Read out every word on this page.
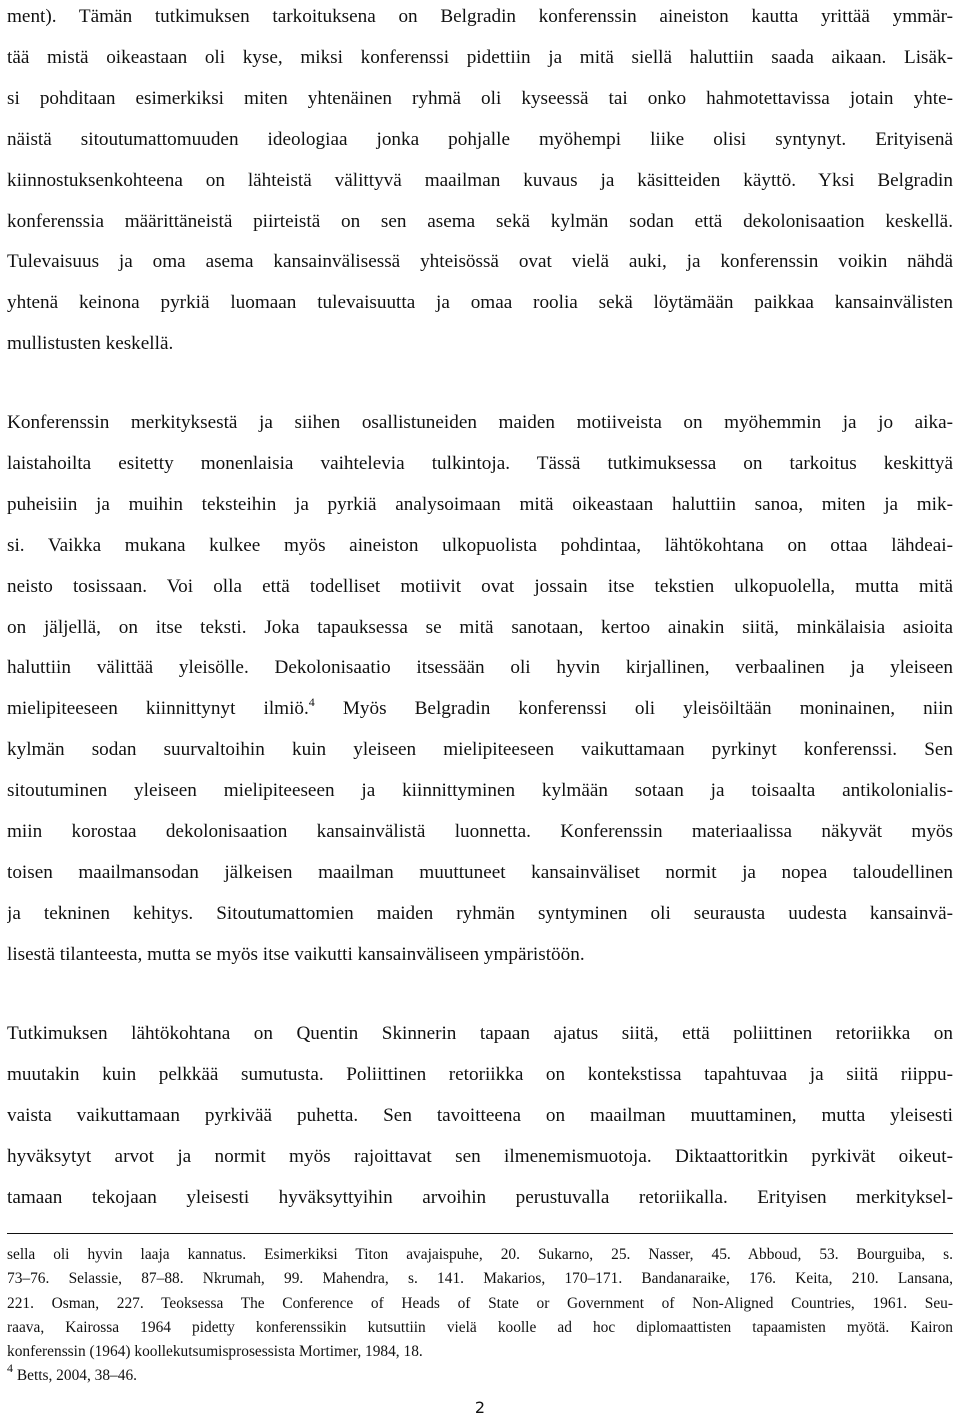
ment). Tämän tutkimuksen tarkoituksena on Belgradin konferenssin aineiston kautta yrittää ymmär-
tää mistä oikeastaan oli kyse, miksi konferenssi pidettiin ja mitä siellä haluttiin saada aikaan. Lisäk-
si pohditaan esimerkiksi miten yhtenäinen ryhmä oli kyseessä tai onko hahmotettavissa jotain yhte-
näistä sitoutumattomuuden ideologiaa jonka pohjalle myöhempi liike olisi syntynyt. Erityisenä
kiinnostuksenkohteena on lähteistä välittyvä maailman kuvaus ja käsitteiden käyttö. Yksi Belgradin
konferenssia määrittäneistä piirteistä on sen asema sekä kylmän sodan että dekolonisaation keskellä.
Tulevaisuus ja oma asema kansainvälisessä yhteisössä ovat vielä auki, ja konferenssin voikin nähdä
yhtenä keinona pyrkiä luomaan tulevaisuutta ja omaa roolia sekä löytämään paikkaa kansainvälisten
mullistusten keskellä.

Konferenssin merkityksestä ja siihen osallistuneiden maiden motiiveista on myöhemmin ja jo aika-
laistahoilta esitetty monenlaisia vaihtelevia tulkintoja. Tässä tutkimuksessa on tarkoitus keskittyä
puheisiin ja muihin teksteihin ja pyrkiä analysoimaan mitä oikeastaan haluttiin sanoa, miten ja mik-
si. Vaikka mukana kulkee myös aineiston ulkopuolista pohdintaa, lähtökohtana on ottaa lähdeai-
neisto tosissaan. Voi olla että todelliset motiivit ovat jossain itse tekstien ulkopuolella, mutta mitä
on jäljellä, on itse teksti. Joka tapauksessa se mitä sanotaan, kertoo ainakin siitä, minkälaisia asioita
haluttiin välittää yleisölle. Dekolonisaatio itsessään oli hyvin kirjallinen, verbaalinen ja yleiseen
mielipiteeseen kiinnittynyt ilmiö.$^4$ Myös Belgradin konferenssi oli yleisöiltään moninainen, niin
kylmän sodan suurvaltoihin kuin yleiseen mielipiteeseen vaikuttamaan pyrkinyt konferenssi. Sen
sitoutuminen yleiseen mielipiteeseen ja kiinnittyminen kylmään sotaan ja toisaalta antikolonialis-
miin korostaa dekolonisaation kansainvälistä luonnetta. Konferenssin materiaalissa näkyvät myös
toisen maailmansodan jälkeisen maailman muuttuneet kansainväliset normit ja nopea taloudellinen
ja tekninen kehitys. Sitoutumattomien maiden ryhmän syntyminen oli seurausta uudesta kansainvä-
lisestä tilanteesta, mutta se myös itse vaikutti kansainväliseen ympäristöön.

Tutkimuksen lähtökohtana on Quentin Skinnerin tapaan ajatus siitä, että poliittinen retoriikka on
muutakin kuin pelkkää sumutusta. Poliittinen retoriikka on kontekstissa tapahtuvaa ja siitä riippu-
vaista vaikuttamaan pyrkivää puhetta. Sen tavoitteena on maailman muuttaminen, mutta yleisesti
hyväksytyt arvot ja normit myös rajoittavat sen ilmenemismuotoja. Diktaattoritkin pyrkivät oikeut-
tamaan tekojaan yleisesti hyväksyttyihin arvoihin perustuvalla retoriikalla. Erityisen merkityksel-

sella oli hyvin laaja kannatus. Esimerkiksi Titon avajaispuhe, 20. Sukarno, 25. Nasser, 45. Abboud, 53. Bourguiba, s.
73–76. Selassie, 87–88. Nkrumah, 99. Mahendra, s. 141. Makarios, 170–171. Bandanaraike, 176. Keita, 210. Lansana,
221. Osman, 227. Teoksessa The Conference of Heads of State or Government of Non-Aligned Countries, 1961. Seu-
raava, Kairossa 1964 pidetty konferenssikin kutsuttiin vielä koolle ad hoc diplomaattisten tapaamisten myötä. Kairon
konferenssin (1964) koollekutsumisprosessista Mortimer, 1984, 18.
$^4$ Betts, 2004, 38–46.

2
